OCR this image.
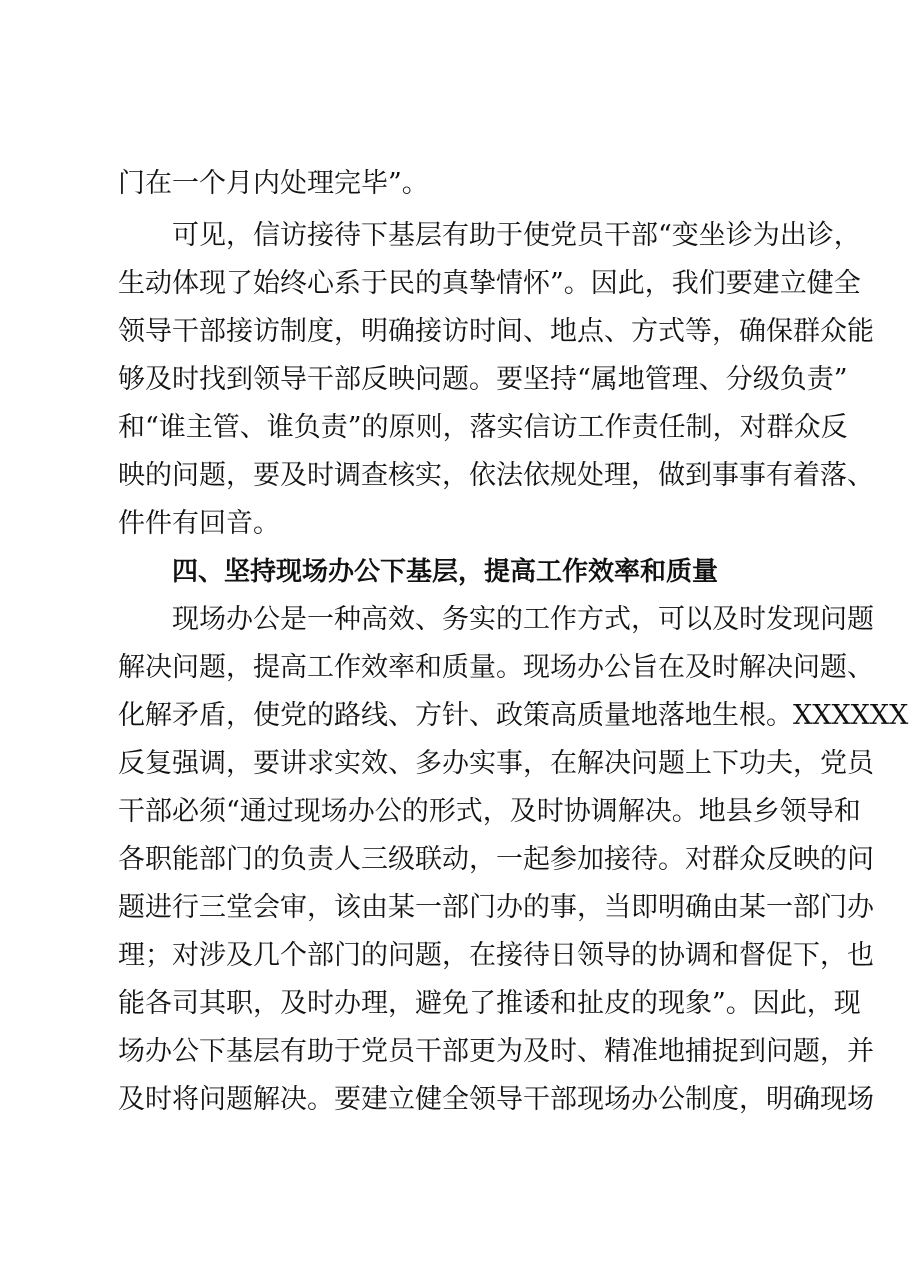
门在一个月内处理完毕”。
可见，信访接待下基层有助于使党员干部“变坐诊为出诊，
生动体现了始终心系于民的真挚情怀”。因此，我们要建立健全
领导干部接访制度，明确接访时间、地点、方式等，确保群众能
够及时找到领导干部反映问题。要坚持“属地管理、分级负责”
和“谁主管、谁负责”的原则，落实信访工作责任制，对群众反
映的问题，要及时调查核实，依法依规处理，做到事事有着落、
件件有回音。
四、坚持现场办公下基层，提高工作效率和质量
现场办公是一种高效、务实的工作方式，可以及时发现问题
解决问题，提高工作效率和质量。现场办公旨在及时解决问题、
化解矛盾，使党的路线、方针、政策高质量地落地生根。XXXXXX
反复强调，要讲求实效、多办实事，在解决问题上下功夫，党员
干部必须“通过现场办公的形式，及时协调解决。地县乡领导和
各职能部门的负责人三级联动，一起参加接待。对群众反映的问
题进行三堂会审，该由某一部门办的事，当即明确由某一部门办
理；对涉及几个部门的问题，在接待日领导的协调和督促下，也
能各司其职，及时办理，避免了推诿和扯皮的现象”。因此，现
场办公下基层有助于党员干部更为及时、精准地捕捉到问题，并
及时将问题解决。要建立健全领导干部现场办公制度，明确现场
